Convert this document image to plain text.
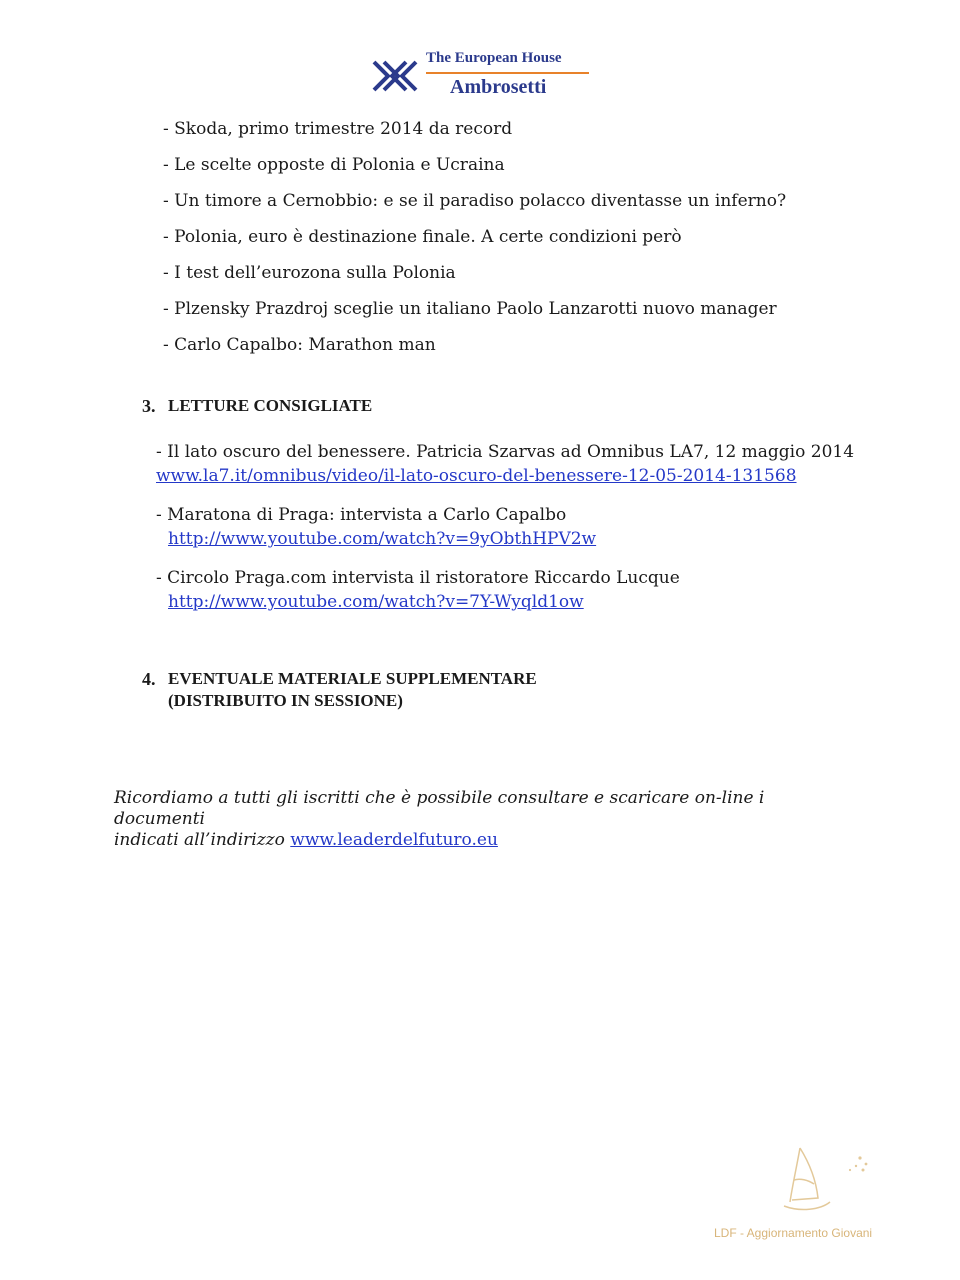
The European House
Ambrosetti
- Skoda, primo trimestre 2014 da record
- Le scelte opposte di Polonia e Ucraina
- Un timore a Cernobbio: e se il paradiso polacco diventasse un inferno?
- Polonia, euro è destinazione finale. A certe condizioni però
- I test dell’eurozona sulla Polonia
- Plzensky Prazdroj sceglie un italiano Paolo Lanzarotti nuovo manager
- Carlo Capalbo: Marathon man
3. LETTURE CONSIGLIATE
- Il lato oscuro del benessere. Patricia Szarvas ad Omnibus LA7, 12 maggio 2014
www.la7.it/omnibus/video/il-lato-oscuro-del-benessere-12-05-2014-131568
- Maratona di Praga: intervista a Carlo Capalbo
http://www.youtube.com/watch?v=9yObthHPV2w
- Circolo Praga.com intervista il ristoratore Riccardo Lucque
http://www.youtube.com/watch?v=7Y-Wyqld1ow
4. EVENTUALE MATERIALE SUPPLEMENTARE
(DISTRIBUITO IN SESSIONE)
Ricordiamo a tutti gli iscritti che è possibile consultare e scaricare on-line i documenti
indicati all’indirizzo www.leaderdelfuturo.eu
LDF - Aggiornamento Giovani
